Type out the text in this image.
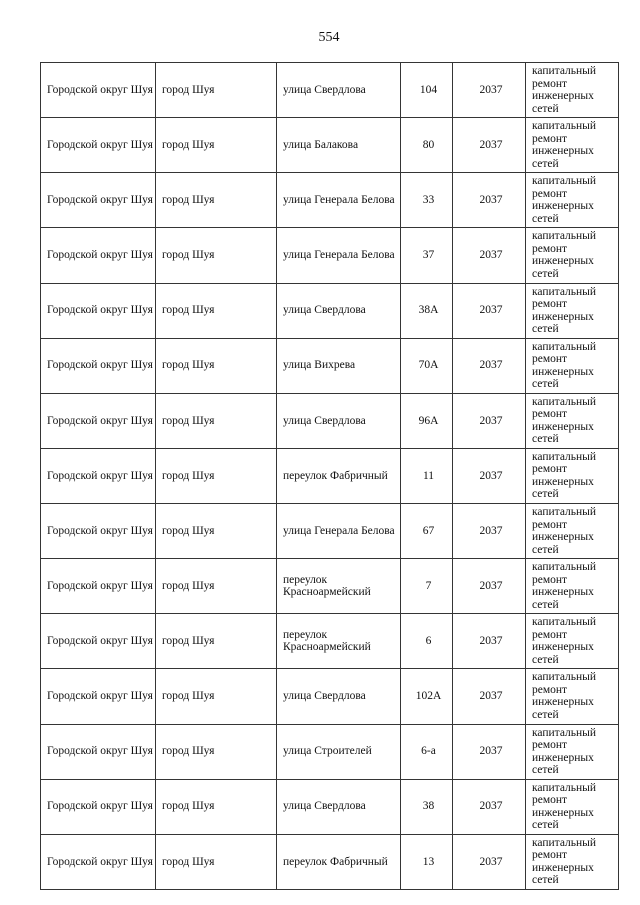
554
Городской округ Шуя	город Шуя	улица Свердлова	104	2037	капитальный ремонт инженерных сетей
Городской округ Шуя	город Шуя	улица Балакова	80	2037	капитальный ремонт инженерных сетей
Городской округ Шуя	город Шуя	улица Генерала Белова	33	2037	капитальный ремонт инженерных сетей
Городской округ Шуя	город Шуя	улица Генерала Белова	37	2037	капитальный ремонт инженерных сетей
Городской округ Шуя	город Шуя	улица Свердлова	38А	2037	капитальный ремонт инженерных сетей
Городской округ Шуя	город Шуя	улица Вихрева	70А	2037	капитальный ремонт инженерных сетей
Городской округ Шуя	город Шуя	улица Свердлова	96А	2037	капитальный ремонт инженерных сетей
Городской округ Шуя	город Шуя	переулок Фабричный	11	2037	капитальный ремонт инженерных сетей
Городской округ Шуя	город Шуя	улица Генерала Белова	67	2037	капитальный ремонт инженерных сетей
Городской округ Шуя	город Шуя	переулок Красноармейский	7	2037	капитальный ремонт инженерных сетей
Городской округ Шуя	город Шуя	переулок Красноармейский	6	2037	капитальный ремонт инженерных сетей
Городской округ Шуя	город Шуя	улица Свердлова	102А	2037	капитальный ремонт инженерных сетей
Городской округ Шуя	город Шуя	улица Строителей	6-а	2037	капитальный ремонт инженерных сетей
Городской округ Шуя	город Шуя	улица Свердлова	38	2037	капитальный ремонт инженерных сетей
Городской округ Шуя	город Шуя	переулок Фабричный	13	2037	капитальный ремонт инженерных сетей
